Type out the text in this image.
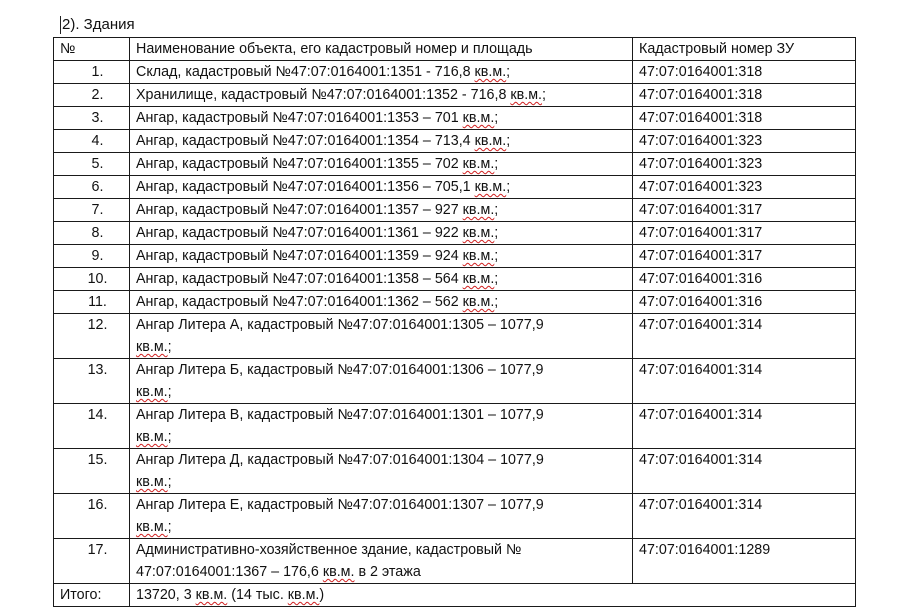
2). Здания
№	Наименование объекта, его кадастровый номер и площадь	Кадастровый номер ЗУ
1.	Склад, кадастровый №47:07:0164001:1351 - 716,8 кв.м.;	47:07:0164001:318
2.	Хранилище, кадастровый №47:07:0164001:1352 - 716,8 кв.м.;	47:07:0164001:318
3.	Ангар, кадастровый №47:07:0164001:1353 – 701 кв.м.;	47:07:0164001:318
4.	Ангар, кадастровый №47:07:0164001:1354 – 713,4 кв.м.;	47:07:0164001:323
5.	Ангар, кадастровый №47:07:0164001:1355 – 702 кв.м.;	47:07:0164001:323
6.	Ангар, кадастровый №47:07:0164001:1356 – 705,1 кв.м.;	47:07:0164001:323
7.	Ангар, кадастровый №47:07:0164001:1357 – 927 кв.м.;	47:07:0164001:317
8.	Ангар, кадастровый №47:07:0164001:1361 – 922 кв.м.;	47:07:0164001:317
9.	Ангар, кадастровый №47:07:0164001:1359 – 924 кв.м.;	47:07:0164001:317
10.	Ангар, кадастровый №47:07:0164001:1358 – 564 кв.м.;	47:07:0164001:316
11.	Ангар, кадастровый №47:07:0164001:1362 – 562 кв.м.;	47:07:0164001:316
12.	Ангар Литера А, кадастровый №47:07:0164001:1305 – 1077,9
кв.м.;	47:07:0164001:314
13.	Ангар Литера Б, кадастровый №47:07:0164001:1306 – 1077,9
кв.м.;	47:07:0164001:314
14.	Ангар Литера В, кадастровый №47:07:0164001:1301 – 1077,9
кв.м.;	47:07:0164001:314
15.	Ангар Литера Д, кадастровый №47:07:0164001:1304 – 1077,9
кв.м.;	47:07:0164001:314
16.	Ангар Литера Е, кадастровый №47:07:0164001:1307 – 1077,9
кв.м.;	47:07:0164001:314
17.	Административно-хозяйственное здание, кадастровый №
47:07:0164001:1367 – 176,6 кв.м. в 2 этажа	47:07:0164001:1289
Итого:	13720, 3 кв.м. (14 тыс. кв.м.)	
